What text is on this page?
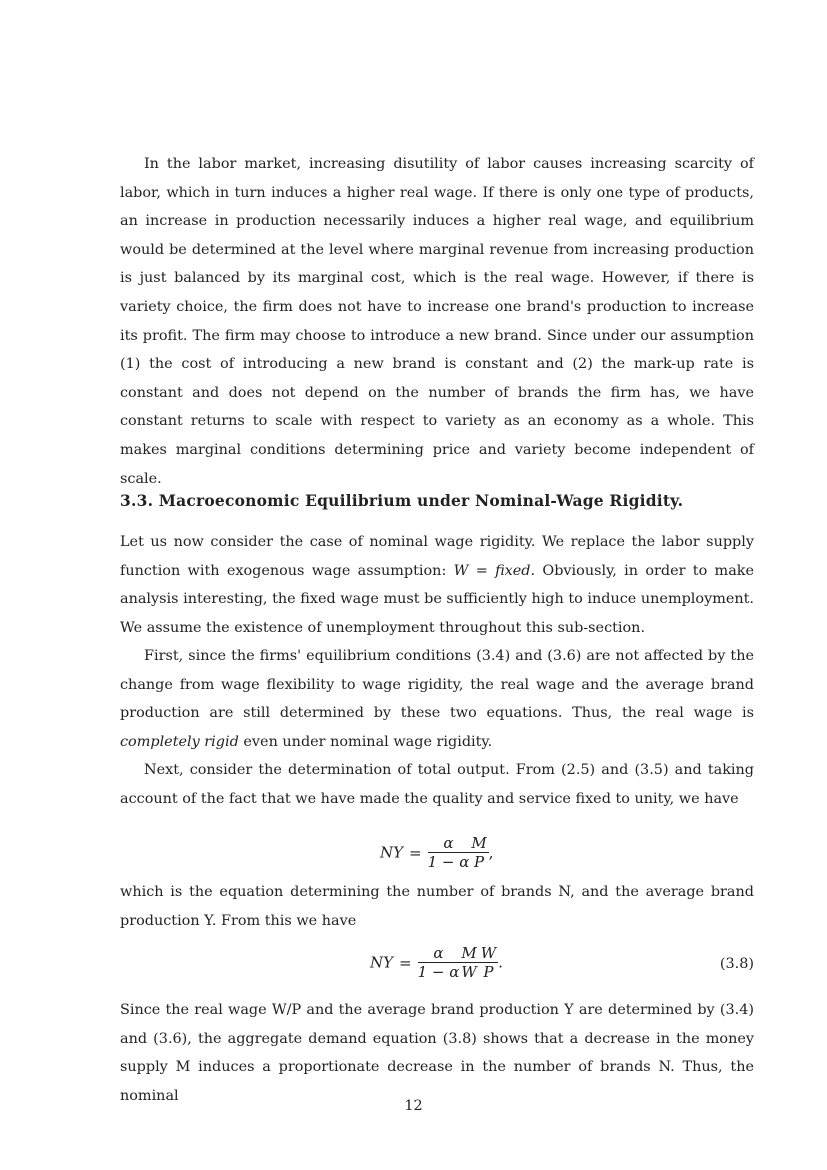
In the labor market, increasing disutility of labor causes increasing scarcity of labor, which in turn induces a higher real wage. If there is only one type of products, an increase in production necessarily induces a higher real wage, and equilibrium would be determined at the level where marginal revenue from increasing production is just balanced by its marginal cost, which is the real wage. However, if there is variety choice, the firm does not have to increase one brand's production to increase its profit. The firm may choose to introduce a new brand. Since under our assumption (1) the cost of introducing a new brand is constant and (2) the mark-up rate is constant and does not depend on the number of brands the firm has, we have constant returns to scale with respect to variety as an economy as a whole. This makes marginal conditions determining price and variety become independent of scale.

3.3. Macroeconomic Equilibrium under Nominal-Wage Rigidity.

Let us now consider the case of nominal wage rigidity. We replace the labor supply function with exogenous wage assumption: W = fixed. Obviously, in order to make analysis interesting, the fixed wage must be sufficiently high to induce unemployment. We assume the existence of unemployment throughout this sub-section.

First, since the firms' equilibrium conditions (3.4) and (3.6) are not affected by the change from wage flexibility to wage rigidity, the real wage and the average brand production are still determined by these two equations. Thus, the real wage is completely rigid even under nominal wage rigidity.

Next, consider the determination of total output. From (2.5) and (3.5) and taking account of the fact that we have made the quality and service fixed to unity, we have

NY = $\frac{\alpha}{1 - \alpha} \frac{M}{P}$ ,

which is the equation determining the number of brands N, and the average brand production Y. From this we have

NY = $\frac{\alpha}{1 - \alpha} \frac{M}{W} \frac{W}{P}$ .	(3.8)

Since the real wage W/P and the average brand production Y are determined by (3.4) and (3.6), the aggregate demand equation (3.8) shows that a decrease in the money supply M induces a proportionate decrease in the number of brands N. Thus, the nominal

12
